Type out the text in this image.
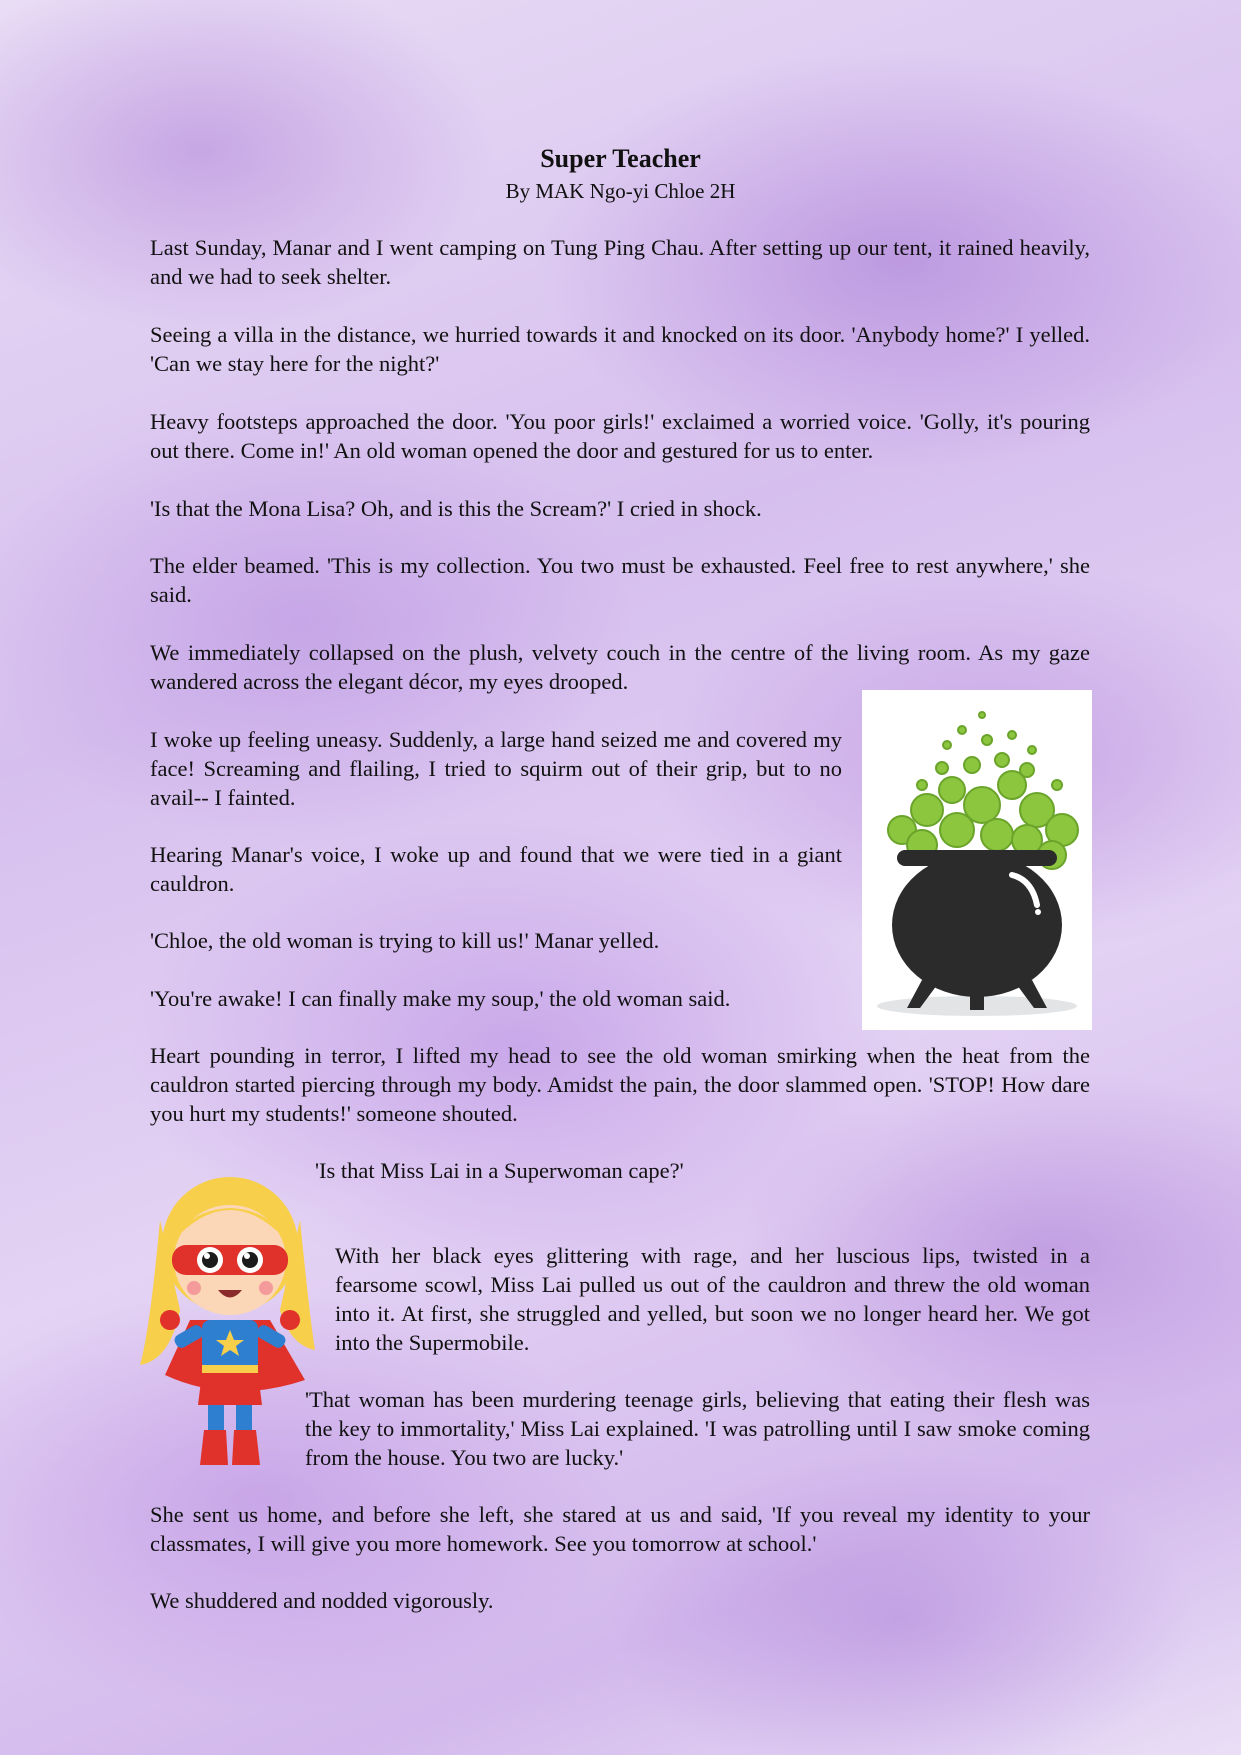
Super Teacher

By MAK Ngo-yi Chloe 2H

Last Sunday, Manar and I went camping on Tung Ping Chau. After setting up our tent, it rained heavily, and we had to seek shelter.

Seeing a villa in the distance, we hurried towards it and knocked on its door. 'Anybody home?' I yelled. 'Can we stay here for the night?'

Heavy footsteps approached the door. 'You poor girls!' exclaimed a worried voice. 'Golly, it's pouring out there. Come in!' An old woman opened the door and gestured for us to enter.

'Is that the Mona Lisa? Oh, and is this the Scream?' I cried in shock.

The elder beamed. 'This is my collection. You two must be exhausted. Feel free to rest anywhere,' she said.

We immediately collapsed on the plush, velvety couch in the centre of the living room. As my gaze wandered across the elegant décor, my eyes drooped.

I woke up feeling uneasy. Suddenly, a large hand seized me and covered my face! Screaming and flailing, I tried to squirm out of their grip, but to no avail-- I fainted.

Hearing Manar's voice, I woke up and found that we were tied in a giant cauldron.

'Chloe, the old woman is trying to kill us!' Manar yelled.

'You're awake! I can finally make my soup,' the old woman said.

Heart pounding in terror, I lifted my head to see the old woman smirking when the heat from the cauldron started piercing through my body. Amidst the pain, the door slammed open. 'STOP! How dare you hurt my students!' someone shouted.

'Is that Miss Lai in a Superwoman cape?'

With her black eyes glittering with rage, and her luscious lips, twisted in a fearsome scowl, Miss Lai pulled us out of the cauldron and threw the old woman into it. At first, she struggled and yelled, but soon we no longer heard her. We got into the Supermobile.

'That woman has been murdering teenage girls, believing that eating their flesh was the key to immortality,' Miss Lai explained. 'I was patrolling until I saw smoke coming from the house. You two are lucky.'

She sent us home, and before she left, she stared at us and said, 'If you reveal my identity to your classmates, I will give you more homework. See you tomorrow at school.'

We shuddered and nodded vigorously.
